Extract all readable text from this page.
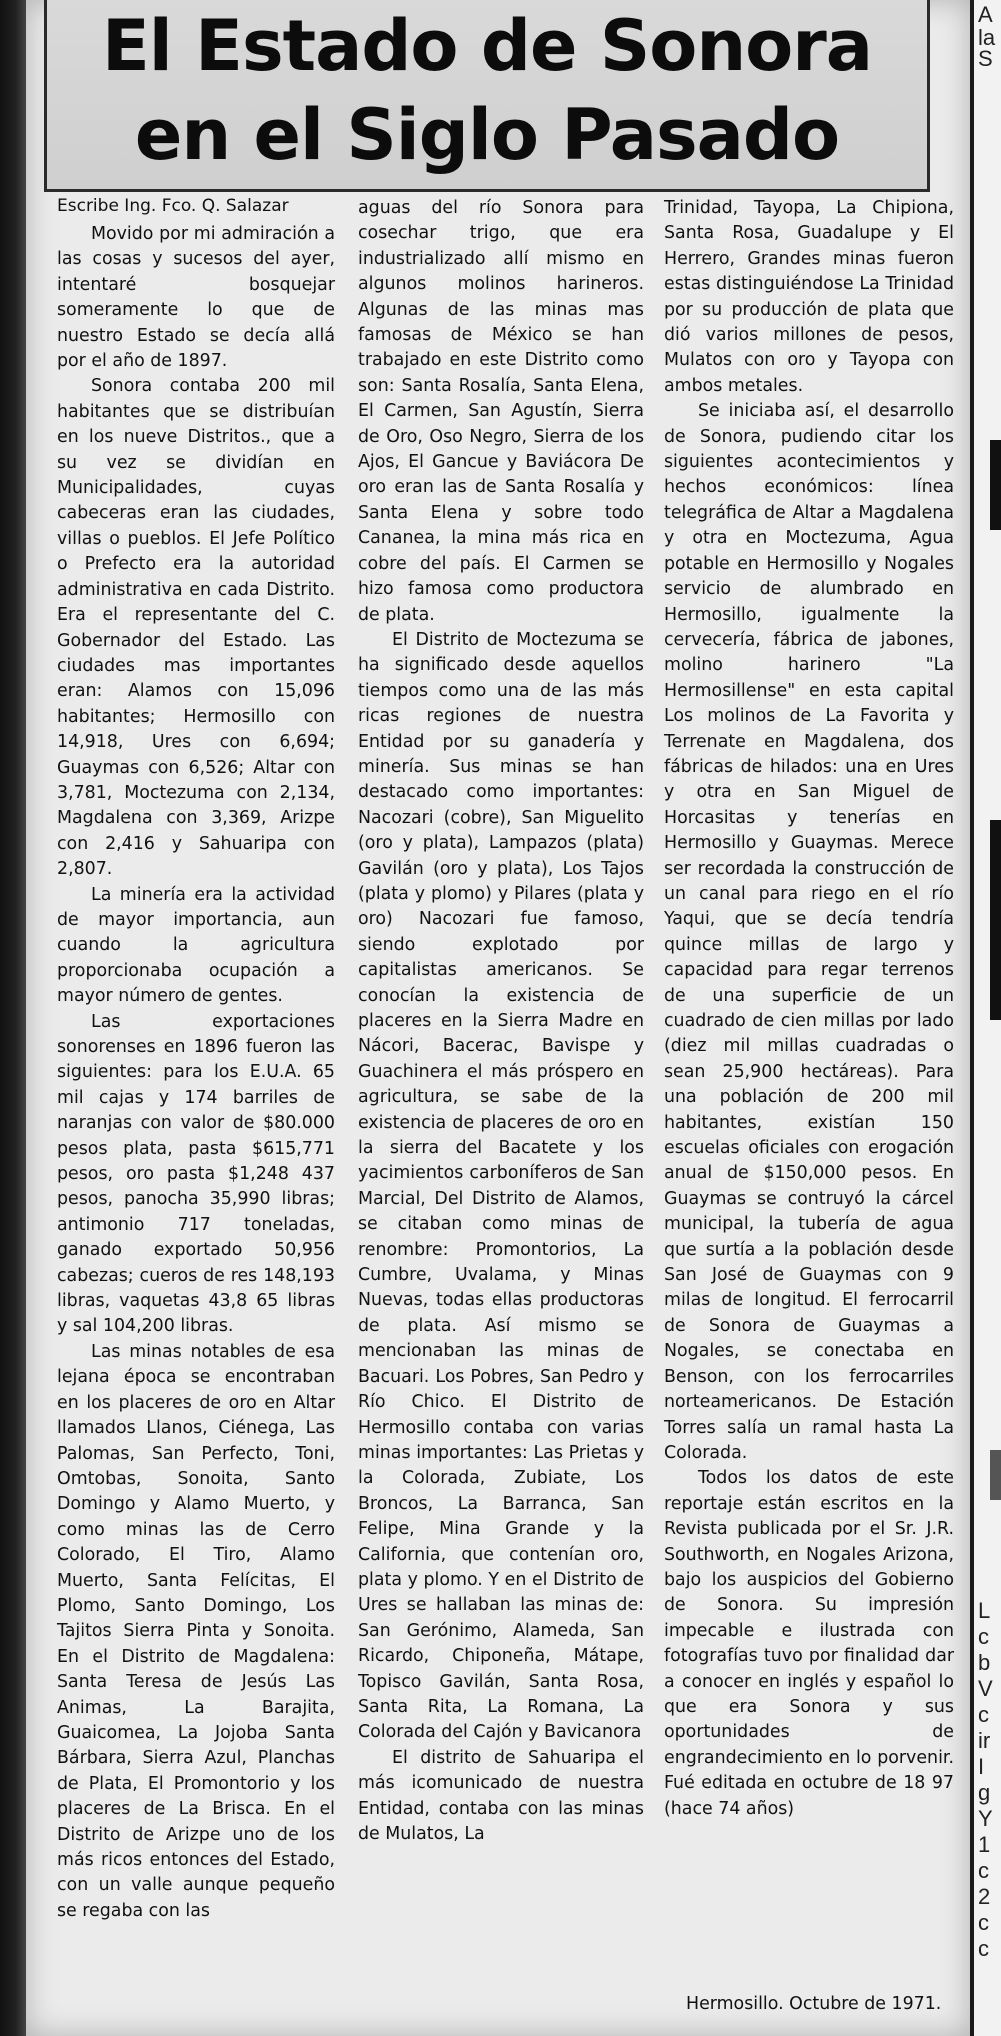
El Estado de Sonora
en el Siglo Pasado
Escribe Ing. Fco. Q. Salazar

Movido por mi admiración a las cosas y sucesos del ayer, intentaré bosquejar someramente lo que de nuestro Estado se decía allá por el año de 1897.

Sonora contaba 200 mil habitantes que se distribuían en los nueve Distritos., que a su vez se dividían en Municipalidades, cuyas cabeceras eran las ciudades, villas o pueblos. El Jefe Político o Prefecto era la autoridad administrativa en cada Distrito. Era el representante del C. Gobernador del Estado. Las ciudades mas importantes eran: Alamos con 15,096 habitantes; Hermosillo con 14,918, Ures con 6,694; Guaymas con 6,526; Altar con 3,781, Moctezuma con 2,134, Magdalena con 3,369, Arizpe con 2,416 y Sahuaripa con 2,807.

La minería era la actividad de mayor importancia, aun cuando la agricultura proporcionaba ocupación a mayor número de gentes.

Las exportaciones sonorenses en 1896 fueron las siguientes: para los E.U.A. 65 mil cajas y 174 barriles de naranjas con valor de $80.000 pesos plata, pasta $615,771 pesos, oro pasta $1,248 437 pesos, panocha 35,990 libras; antimonio 717 toneladas, ganado exportado 50,956 cabezas; cueros de res 148,193 libras, vaquetas 43,8 65 libras y sal 104,200 libras.

Las minas notables de esa lejana época se encontraban en los placeres de oro en Altar llamados Llanos, Ciénega, Las Palomas, San Perfecto, Toni, Omtobas, Sonoita, Santo Domingo y Alamo Muerto, y como minas las de Cerro Colorado, El Tiro, Alamo Muerto, Santa Felícitas, El Plomo, Santo Domingo, Los Tajitos Sierra Pinta y Sonoita. En el Distrito de Magdalena: Santa Teresa de Jesús Las Animas, La Barajita, Guaicomea, La Jojoba Santa Bárbara, Sierra Azul, Planchas de Plata, El Promontorio y los placeres de La Brisca. En el Distrito de Arizpe uno de los más ricos entonces del Estado, con un valle aunque pequeño se regaba con las

aguas del río Sonora para cosechar trigo, que era industrializado allí mismo en algunos molinos harineros. Algunas de las minas mas famosas de México se han trabajado en este Distrito como son: Santa Rosalía, Santa Elena, El Carmen, San Agustín, Sierra de Oro, Oso Negro, Sierra de los Ajos, El Gancue y Baviácora De oro eran las de Santa Rosalía y Santa Elena y sobre todo Cananea, la mina más rica en cobre del país. El Carmen se hizo famosa como productora de plata.

El Distrito de Moctezuma se ha significado desde aquellos tiempos como una de las más ricas regiones de nuestra Entidad por su ganadería y minería. Sus minas se han destacado como importantes: Nacozari (cobre), San Miguelito (oro y plata), Lampazos (plata) Gavilán (oro y plata), Los Tajos (plata y plomo) y Pilares (plata y oro) Nacozari fue famoso, siendo explotado por capitalistas americanos. Se conocían la existencia de placeres en la Sierra Madre en Nácori, Bacerac, Bavispe y Guachinera el más próspero en agricultura, se sabe de la existencia de placeres de oro en la sierra del Bacatete y los yacimientos carboníferos de San Marcial, Del Distrito de Alamos, se citaban como minas de renombre: Promontorios, La Cumbre, Uvalama, y Minas Nuevas, todas ellas productoras de plata. Así mismo se mencionaban las minas de Bacuari. Los Pobres, San Pedro y Río Chico. El Distrito de Hermosillo contaba con varias minas importantes: Las Prietas y la Colorada, Zubiate, Los Broncos, La Barranca, San Felipe, Mina Grande y la California, que contenían oro, plata y plomo. Y en el Distrito de Ures se hallaban las minas de: San Gerónimo, Alameda, San Ricardo, Chiponeña, Mátape, Topisco Gavilán, Santa Rosa, Santa Rita, La Romana, La Colorada del Cajón y Bavicanora

El distrito de Sahuaripa el más icomunicado de nuestra Entidad, contaba con las minas de Mulatos, La

Trinidad, Tayopa, La Chipiona, Santa Rosa, Guadalupe y El Herrero, Grandes minas fueron estas distinguiéndose La Trinidad por su producción de plata que dió varios millones de pesos, Mulatos con oro y Tayopa con ambos metales.

Se iniciaba así, el desarrollo de Sonora, pudiendo citar los siguientes acontecimientos y hechos económicos: línea telegráfica de Altar a Magdalena y otra en Moctezuma, Agua potable en Hermosillo y Nogales servicio de alumbrado en Hermosillo, igualmente la cervecería, fábrica de jabones, molino harinero "La Hermosillense" en esta capital Los molinos de La Favorita y Terrenate en Magdalena, dos fábricas de hilados: una en Ures y otra en San Miguel de Horcasitas y tenerías en Hermosillo y Guaymas. Merece ser recordada la construcción de un canal para riego en el río Yaqui, que se decía tendría quince millas de largo y capacidad para regar terrenos de una superficie de un cuadrado de cien millas por lado (diez mil millas cuadradas o sean 25,900 hectáreas). Para una población de 200 mil habitantes, existían 150 escuelas oficiales con erogación anual de $150,000 pesos. En Guaymas se contruyó la cárcel municipal, la tubería de agua que surtía a la población desde San José de Guaymas con 9 milas de longitud. El ferrocarril de Sonora de Guaymas a Nogales, se conectaba en Benson, con los ferrocarriles norteamericanos. De Estación Torres salía un ramal hasta La Colorada.

Todos los datos de este reportaje están escritos en la Revista publicada por el Sr. J.R. Southworth, en Nogales Arizona, bajo los auspicios del Gobierno de Sonora. Su impresión impecable e ilustrada con fotografías tuvo por finalidad dar a conocer en inglés y español lo que era Sonora y sus oportunidades de engrandecimiento en lo porvenir. Fué editada en octubre de 18 97 (hace 74 años)

Hermosillo. Octubre de 1971.
A
la
S
L
c
b
V
c
ir
I
g
Y
1
c
2
c
c
